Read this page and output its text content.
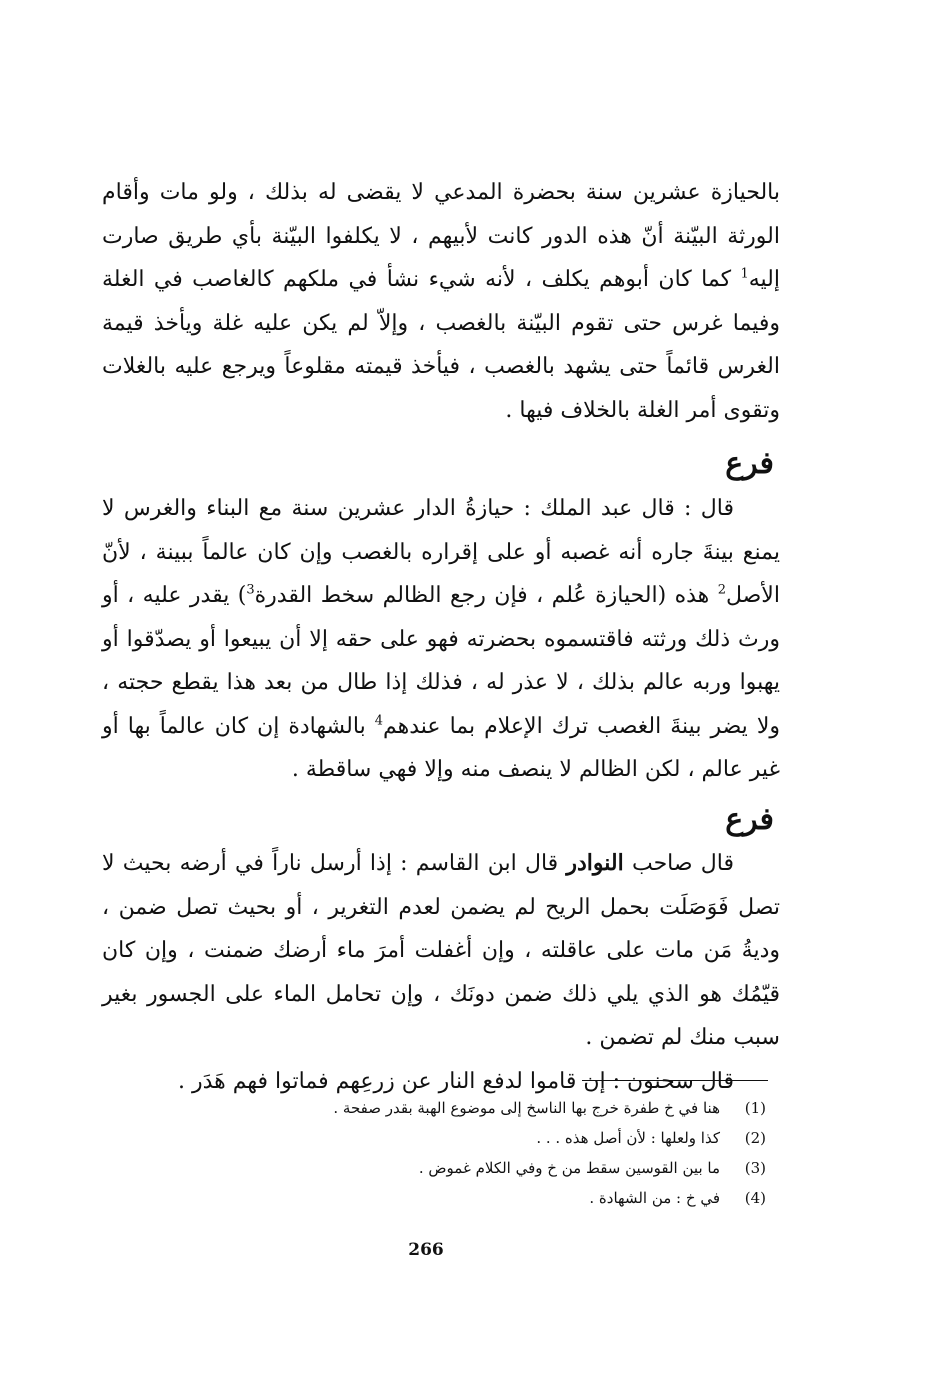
بالحيازة عشرين سنة بحضرة المدعي لا يقضى له بذلك ، ولو مات وأقام الورثة البيّنة أنّ هذه الدور كانت لأبيهم ، لا يكلفوا البيّنة بأي طريق صارت إليه$^1$ كما كان أبوهم يكلف ، لأنه شيء نشأ في ملكهم كالغاصب في الغلة وفيما غرس حتى تقوم البيّنة بالغصب ، وإلاّ لم يكن عليه غلة ويأخذ قيمة الغرس قائماً حتى يشهد بالغصب ، فيأخذ قيمته مقلوعاً ويرجع عليه بالغلات وتقوى أمر الغلة بالخلاف فيها .

فرع

قال : قال عبد الملك : حيازةُ الدار عشرين سنة مع البناء والغرس لا يمنع بينةَ جاره أنه غصبه أو على إقراره بالغصب وإن كان عالماً ببينة ، لأنّ الأصل$^2$ هذه (الحيازة عُلم ، فإن رجع الظالم سخط القدرة$^3$) يقدر عليه ، أو ورث ذلك ورثته فاقتسموه بحضرته فهو على حقه إلا أن يبيعوا أو يصدّقوا أو يهبوا وربه عالم بذلك ، لا عذر له ، فذلك إذا طال من بعد هذا يقطع حجته ، ولا يضر بينةَ الغصب ترك الإعلام بما عندهم$^4$ بالشهادة إن كان عالماً بها أو غير عالم ، لكن الظالم لا ينصف منه وإلا فهي ساقطة .

فرع

قال صاحب النوادر قال ابن القاسم : إذا أرسل ناراً في أرضه بحيث لا تصل فَوَصَلَت بحمل الريح لم يضمن لعدم التغرير ، أو بحيث تصل ضمن ، وديةُ مَن مات على عاقلته ، وإن أغفلت أمرَ ماء أرضك ضمنت ، وإن كان قيّمُك هو الذي يلي ذلك ضمن دونَك ، وإن تحامل الماء على الجسور بغير سبب منك لم تضمن .

قال سحنون : إن قاموا لدفع النار عن زرعِهم فماتوا فهم هَدَر .

(1)
هنا في خ طفرة خرج بها الناسخ إلى موضوع الهبة بقدر صفحة .
(2)
كذا ولعلها : لأن أصل هذه . . .
(3)
ما بين القوسين سقط من خ وفي الكلام غموض .
(4)
في خ : من الشهادة .
266
